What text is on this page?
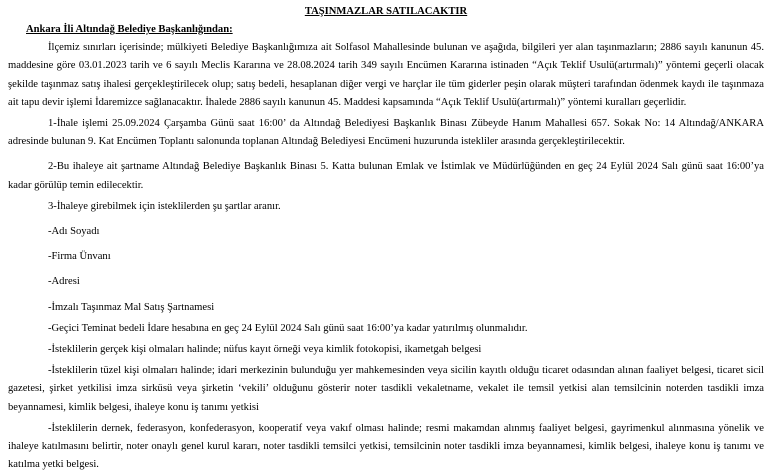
TAŞINMAZLAR SATILACAKTIR
Ankara İli Altındağ Belediye Başkanlığından:

İlçemiz sınırları içerisinde; mülkiyeti Belediye Başkanlığımıza ait Solfasol Mahallesinde bulunan ve aşağıda, bilgileri yer alan taşınmazların; 2886 sayılı kanunun 45. maddesine göre 03.01.2023 tarih ve 6 sayılı Meclis Kararına ve 28.08.2024 tarih 349 sayılı Encümen Kararına istinaden “Açık Teklif Usulü(artırmalı)” yöntemi geçerli olacak şekilde taşınmaz satış ihalesi gerçekleştirilecek olup; satış bedeli, hesaplanan diğer vergi ve harçlar ile tüm giderler peşin olarak müşteri tarafından ödenmek kaydı ile taşınmaza ait tapu devir işlemi İdaremizce sağlanacaktır. İhalede 2886 sayılı kanunun 45. Maddesi kapsamında “Açık Teklif Usulü(artırmalı)” yöntemi kuralları geçerlidir.

1-İhale işlemi 25.09.2024 Çarşamba Günü saat 16:00’ da Altındağ Belediyesi Başkanlık Binası Zübeyde Hanım Mahallesi 657. Sokak No: 14 Altındağ/ANKARA adresinde bulunan 9. Kat Encümen Toplantı salonunda toplanan Altındağ Belediyesi Encümeni huzurunda istekliler arasında gerçekleştirilecektir.

2-Bu ihaleye ait şartname Altındağ Belediye Başkanlık Binası 5. Katta bulunan Emlak ve İstimlak ve Müdürlüğünden en geç 24 Eylül 2024 Salı günü saat 16:00’ya kadar görülüp temin edilecektir.

3-İhaleye girebilmek için isteklilerden şu şartlar aranır.

-Adı Soyadı

-Firma Ünvanı

-Adresi

-İmzalı Taşınmaz Mal Satış Şartnamesi

-Geçici Teminat bedeli İdare hesabına en geç 24 Eylül 2024 Salı günü saat 16:00’ya kadar yatırılmış olunmalıdır.

-İsteklilerin gerçek kişi olmaları halinde; nüfus kayıt örneği veya kimlik fotokopisi, ikametgah belgesi

-İsteklilerin tüzel kişi olmaları halinde; idari merkezinin bulunduğu yer mahkemesinden veya sicilin kayıtlı olduğu ticaret odasından alınan faaliyet belgesi, ticaret sicil gazetesi, şirket yetkilisi imza sirküsü veya şirketin ‘vekili’ olduğunu gösterir noter tasdikli vekaletname, vekalet ile temsil yetkisi alan temsilcinin noterden tasdikli imza beyannamesi, kimlik belgesi, ihaleye konu iş tanımı yetkisi

-İsteklilerin dernek, federasyon, konfederasyon, kooperatif veya vakıf olması halinde; resmi makamdan alınmış faaliyet belgesi, gayrimenkul alınmasına yönelik ve ihaleye katılmasını belirtir, noter onaylı genel kurul kararı, noter tasdikli temsilci yetkisi, temsilcinin noter tasdikli imza beyannamesi, kimlik belgesi, ihaleye konu iş tanımı ve katılma yetki belgesi.
